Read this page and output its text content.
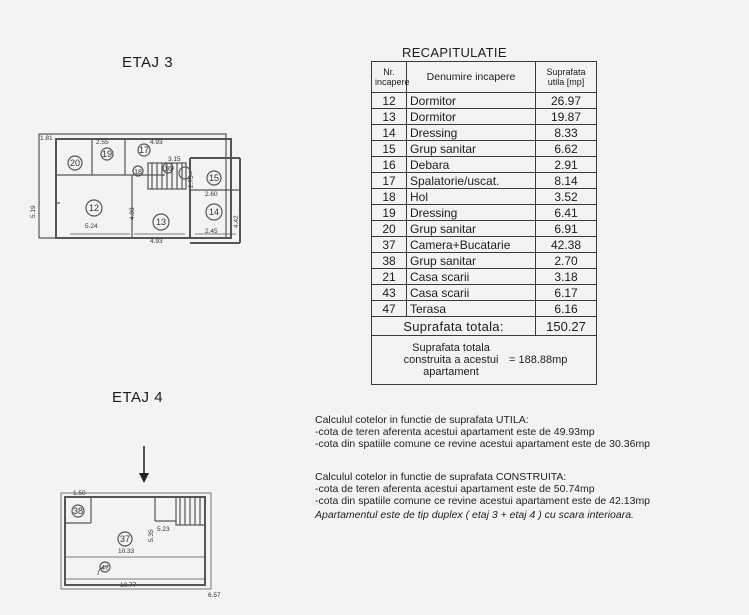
ETAJ 3
ETAJ 4
1.81
2.55	4.93
5.19
5.24
4.93
2.45
2.60
2.75
3.15
4.03
4.42
20
19	17
18	16
15
12
13
14
1.50
10.33
10.77
5.23
5.35
6.57
38
37
47
RECAPITULATIE
Nr. incapere	Denumire incapere	Suprafata utila [mp]
12	Dormitor	26.97
13	Dormitor	19.87
14	Dressing	8.33
15	Grup sanitar	6.62
16	Debara	2.91
17	Spalatorie/uscat.	8.14
18	Hol	3.52
19	Dressing	6.41
20	Grup sanitar	6.91
37	Camera+Bucatarie	42.38
38	Grup sanitar	2.70
21	Casa scarii	3.18
43	Casa scarii	6.17
47	Terasa	6.16
Suprafata totala:		150.27

Suprafata totala construita a acestui apartament
= 188.88mp		

Calculul cotelor in functie de suprafata UTILA:

-cota de teren aferenta acestui apartament este de 49.93mp

-cota din spatiile comune ce revine acestui apartament este de 30.36mp

Calculul cotelor in functie de suprafata CONSTRUITA:

-cota de teren aferenta acestui apartament este de 50.74mp

-cota din spatiile comune ce revine acestui apartament este de 42.13mp

Apartamentul este de tip duplex ( etaj 3 + etaj 4 ) cu scara interioara.
